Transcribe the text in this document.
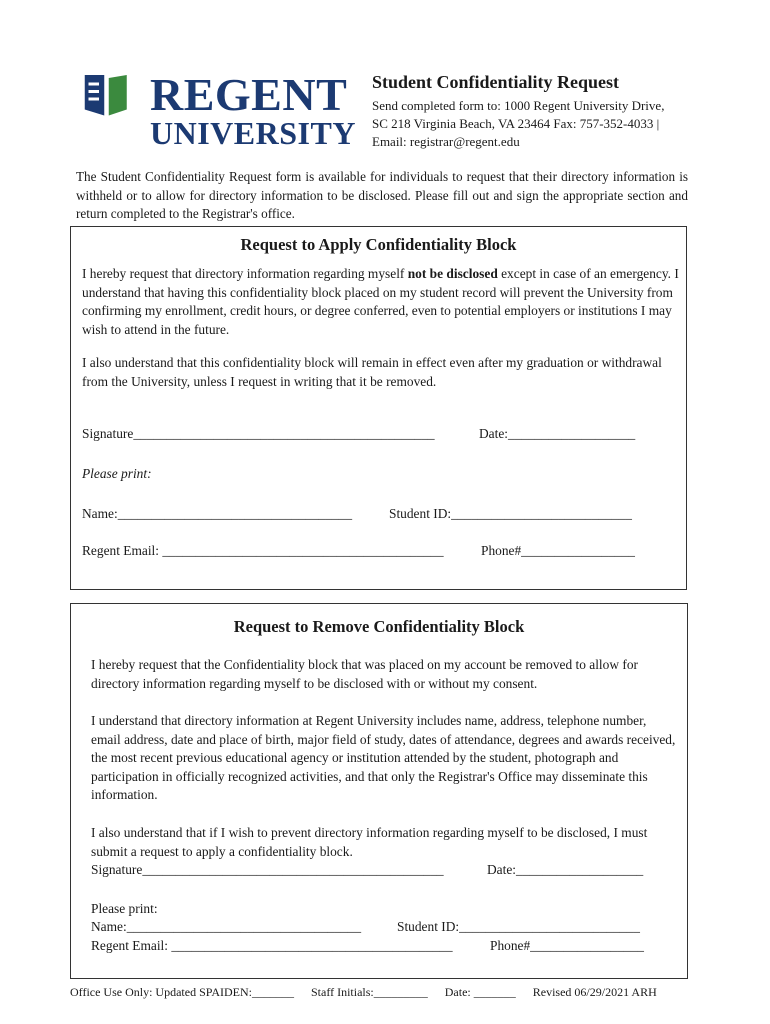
REGENT
UNIVERSITY
Student Confidentiality Request
Send completed form to: 1000 Regent University Drive,
SC 218 Virginia Beach, VA 23464 Fax: 757-352-4033 |
Email: registrar@regent.edu
The Student Confidentiality Request form is available for individuals to request that their directory information is withheld or to allow for directory information to be disclosed. Please fill out and sign the appropriate section and return completed to the Registrar's office.
Request to Apply Confidentiality Block
I hereby request that directory information regarding myself not be disclosed except in case of an emergency. I understand that having this confidentiality block placed on my student record will prevent the University from confirming my enrollment, credit hours, or degree conferred, even to potential employers or institutions I may wish to attend in the future.
I also understand that this confidentiality block will remain in effect even after my graduation or withdrawal from the University, unless I request in writing that it be removed.
Signature_____________________________________________	Date:___________________
Please print:
Name:___________________________________	Student ID:___________________________
Regent Email: __________________________________________	Phone#_________________
Request to Remove Confidentiality Block
I hereby request that the Confidentiality block that was placed on my account be removed to allow for directory information regarding myself to be disclosed with or without my consent.
I understand that directory information at Regent University includes name, address, telephone number, email address, date and place of birth, major field of study, dates of attendance, degrees and awards received, the most recent previous educational agency or institution attended by the student, photograph and participation in officially recognized activities, and that only the Registrar's Office may disseminate this information.
I also understand that if I wish to prevent directory information regarding myself to be disclosed, I must submit a request to apply a confidentiality block.
Signature_____________________________________________	Date:___________________
Please print:
Name:___________________________________	Student ID:___________________________
Regent Email: __________________________________________	Phone#_________________
Office Use Only: Updated SPAIDEN:_______ Staff Initials:_________ Date: _______ Revised 06/29/2021 ARH
